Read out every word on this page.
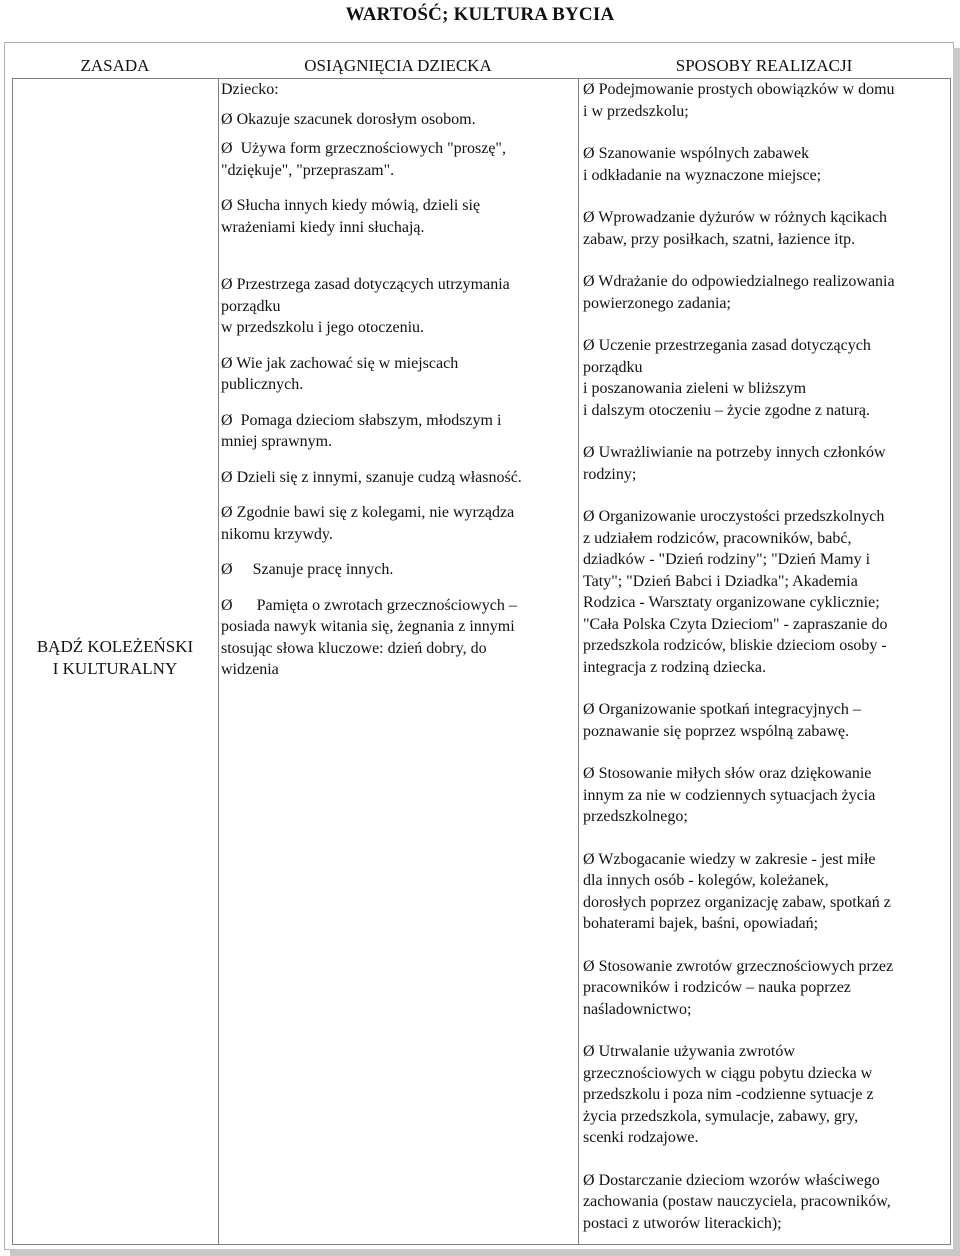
WARTOŚĆ; KULTURA BYCIA
ZASADA	OSIĄGNIĘCIA DZIECKA	SPOSOBY REALIZACJI
BĄDŹ KOLEŻEŃSKI
I KULTURALNY

Dziecko:

Ø Okazuje szacunek dorosłym osobom.

Ø Używa form grzecznościowych "proszę",
"dziękuje", "przepraszam".

Ø Słucha innych kiedy mówią, dzieli się
wrażeniami kiedy inni słuchają.

Ø Przestrzega zasad dotyczących utrzymania
porządku
w przedszkolu i jego otoczeniu.

Ø Wie jak zachować się w miejscach
publicznych.

Ø Pomaga dzieciom słabszym, młodszym i
mniej sprawnym.

Ø Dzieli się z innymi, szanuje cudzą własność.

Ø Zgodnie bawi się z kolegami, nie wyrządza
nikomu krzywdy.

Ø Szanuje pracę innych.

Ø Pamięta o zwrotach grzecznościowych –
posiada nawyk witania się, żegnania z innymi
stosując słowa kluczowe: dzień dobry, do
widzenia
Ø Podejmowanie prostych obowiązków w domu
i w przedszkolu;

Ø Szanowanie wspólnych zabawek
i odkładanie na wyznaczone miejsce;

Ø Wprowadzanie dyżurów w różnych kącikach
zabaw, przy posiłkach, szatni, łazience itp.

Ø Wdrażanie do odpowiedzialnego realizowania
powierzonego zadania;

Ø Uczenie przestrzegania zasad dotyczących
porządku
i poszanowania zieleni w bliższym
i dalszym otoczeniu – życie zgodne z naturą.

Ø Uwrażliwianie na potrzeby innych członków
rodziny;

Ø Organizowanie uroczystości przedszkolnych
z udziałem rodziców, pracowników, babć,
dziadków - "Dzień rodziny"; "Dzień Mamy i
Taty"; "Dzień Babci i Dziadka"; Akademia
Rodzica - Warsztaty organizowane cyklicznie;
"Cała Polska Czyta Dzieciom" - zapraszanie do
przedszkola rodziców, bliskie dzieciom osoby -
integracja z rodziną dziecka.

Ø Organizowanie spotkań integracyjnych –
poznawanie się poprzez wspólną zabawę.

Ø Stosowanie miłych słów oraz dziękowanie
innym za nie w codziennych sytuacjach życia
przedszkolnego;

Ø Wzbogacanie wiedzy w zakresie - jest miłe
dla innych osób - kolegów, koleżanek,
dorosłych poprzez organizację zabaw, spotkań z
bohaterami bajek, baśni, opowiadań;

Ø Stosowanie zwrotów grzecznościowych przez
pracowników i rodziców – nauka poprzez
naśladownictwo;

Ø Utrwalanie używania zwrotów
grzecznościowych w ciągu pobytu dziecka w
przedszkolu i poza nim -codzienne sytuacje z
życia przedszkola, symulacje, zabawy, gry,
scenki rodzajowe.

Ø Dostarczanie dzieciom wzorów właściwego
zachowania (postaw nauczyciela, pracowników,
postaci z utworów literackich);
